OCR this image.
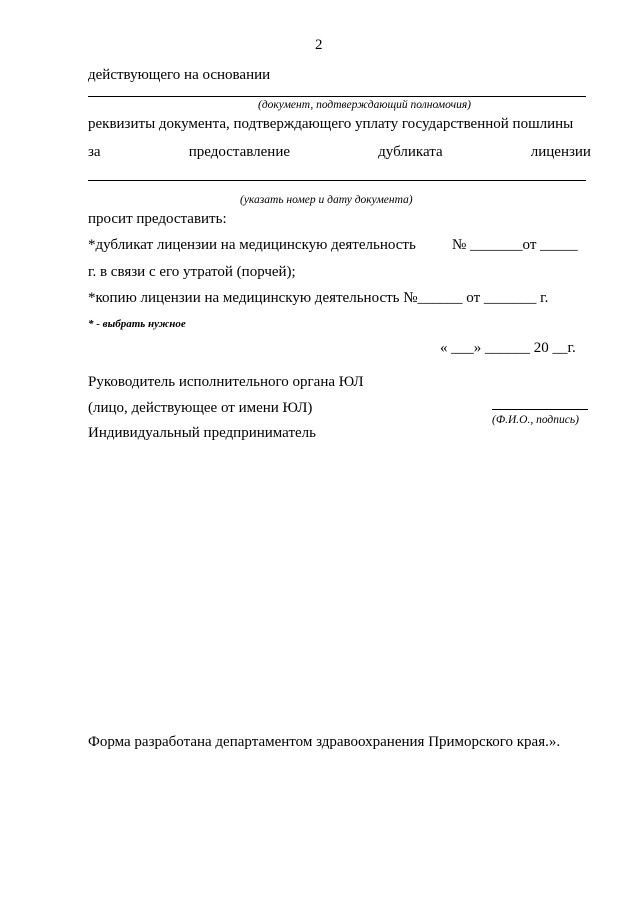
2
действующего на основании
(документ, подтверждающий полномочия)
реквизиты документа, подтверждающего уплату государственной пошлины
за	предоставление	дубликата	лицензии
(указать номер и дату документа)
просит предоставить:
*дубликат лицензии на медицинскую деятельность № _______от _____
г. в связи с его утратой (порчей);
*копию лицензии на медицинскую деятельность №______ от _______ г.
* - выбрать нужное
« ___» ______ 20 __г.
Руководитель исполнительного органа ЮЛ
(лицо, действующее от имени ЮЛ)
(Ф.И.О., подпись)
Индивидуальный предприниматель
Форма разработана департаментом здравоохранения Приморского края.».
